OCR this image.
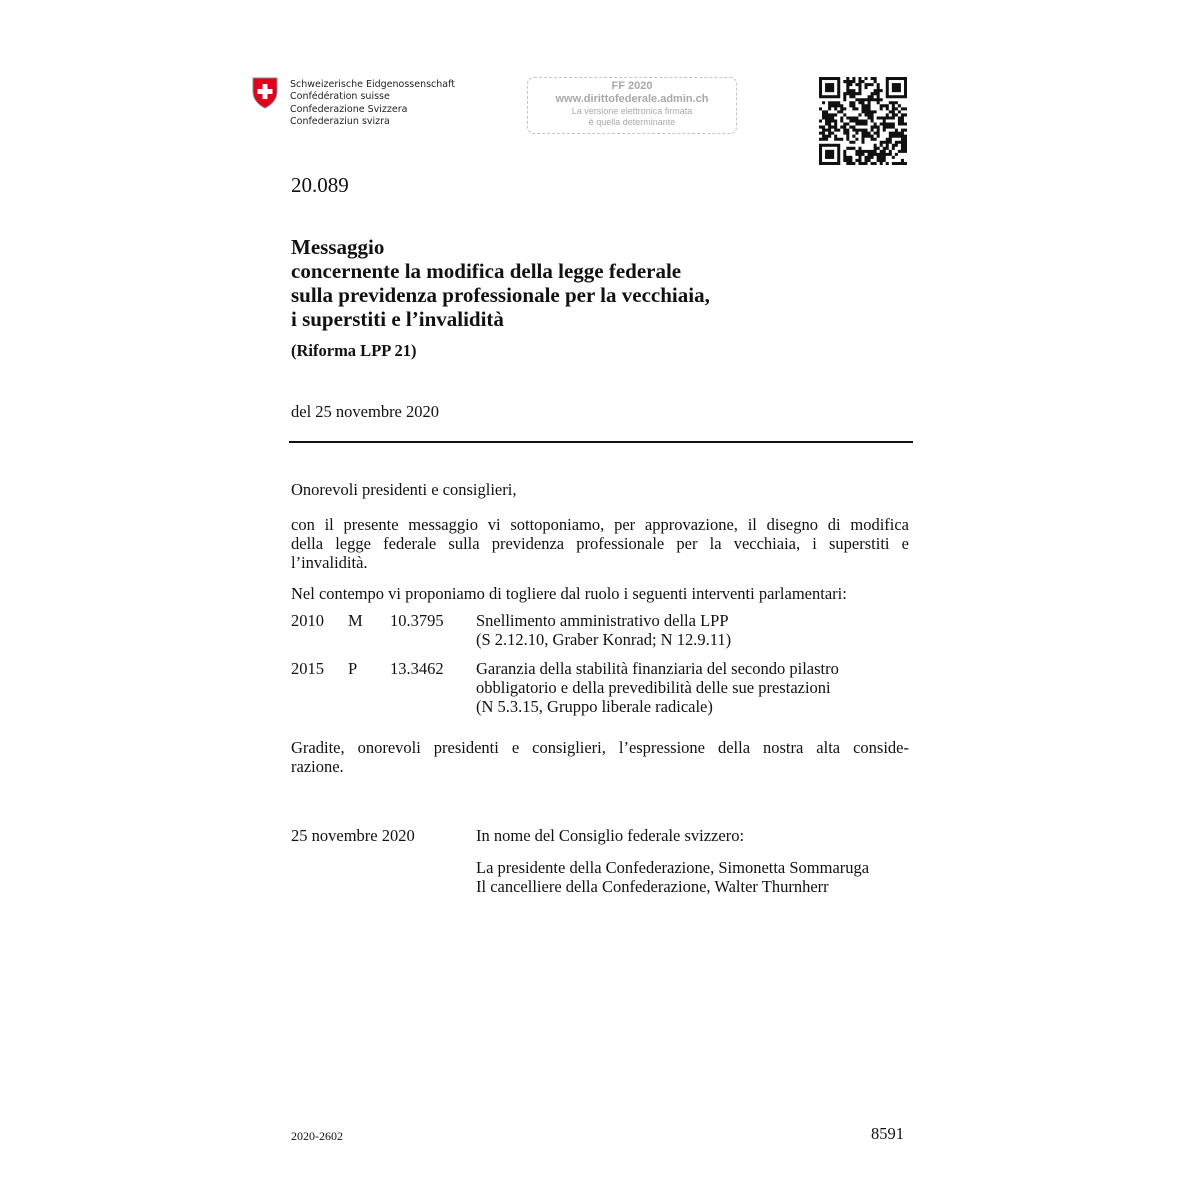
Schweizerische Eidgenossenschaft
Confédération suisse
Confederazione Svizzera
Confederaziun svizra
FF 2020
www.dirittofederale.admin.ch
La versione elettronica firmata
è quella determinante
20.089
Messaggio
concernente la modifica della legge federale
sulla previdenza professionale per la vecchiaia,
i superstiti e l’invalidità
(Riforma LPP 21)
del 25 novembre 2020
Onorevoli presidenti e consiglieri,
con il presente messaggio vi sottoponiamo, per approvazione, il disegno di modifica
della legge federale sulla previdenza professionale per la vecchiaia, i superstiti e
l’invalidità.
Nel contempo vi proponiamo di togliere dal ruolo i seguenti interventi parlamentari:
2010 M 10.3795 Snellimento amministrativo della LPP
(S 2.12.10, Graber Konrad; N 12.9.11)
2015 P 13.3462 Garanzia della stabilità finanziaria del secondo pilastro
obbligatorio e della prevedibilità delle sue prestazioni
(N 5.3.15, Gruppo liberale radicale)
Gradite, onorevoli presidenti e consiglieri, l’espressione della nostra alta conside-
razione.
25 novembre 2020	In nome del Consiglio federale svizzero:
La presidente della Confederazione, Simonetta Sommaruga
Il cancelliere della Confederazione, Walter Thurnherr
2020-2602	8591
